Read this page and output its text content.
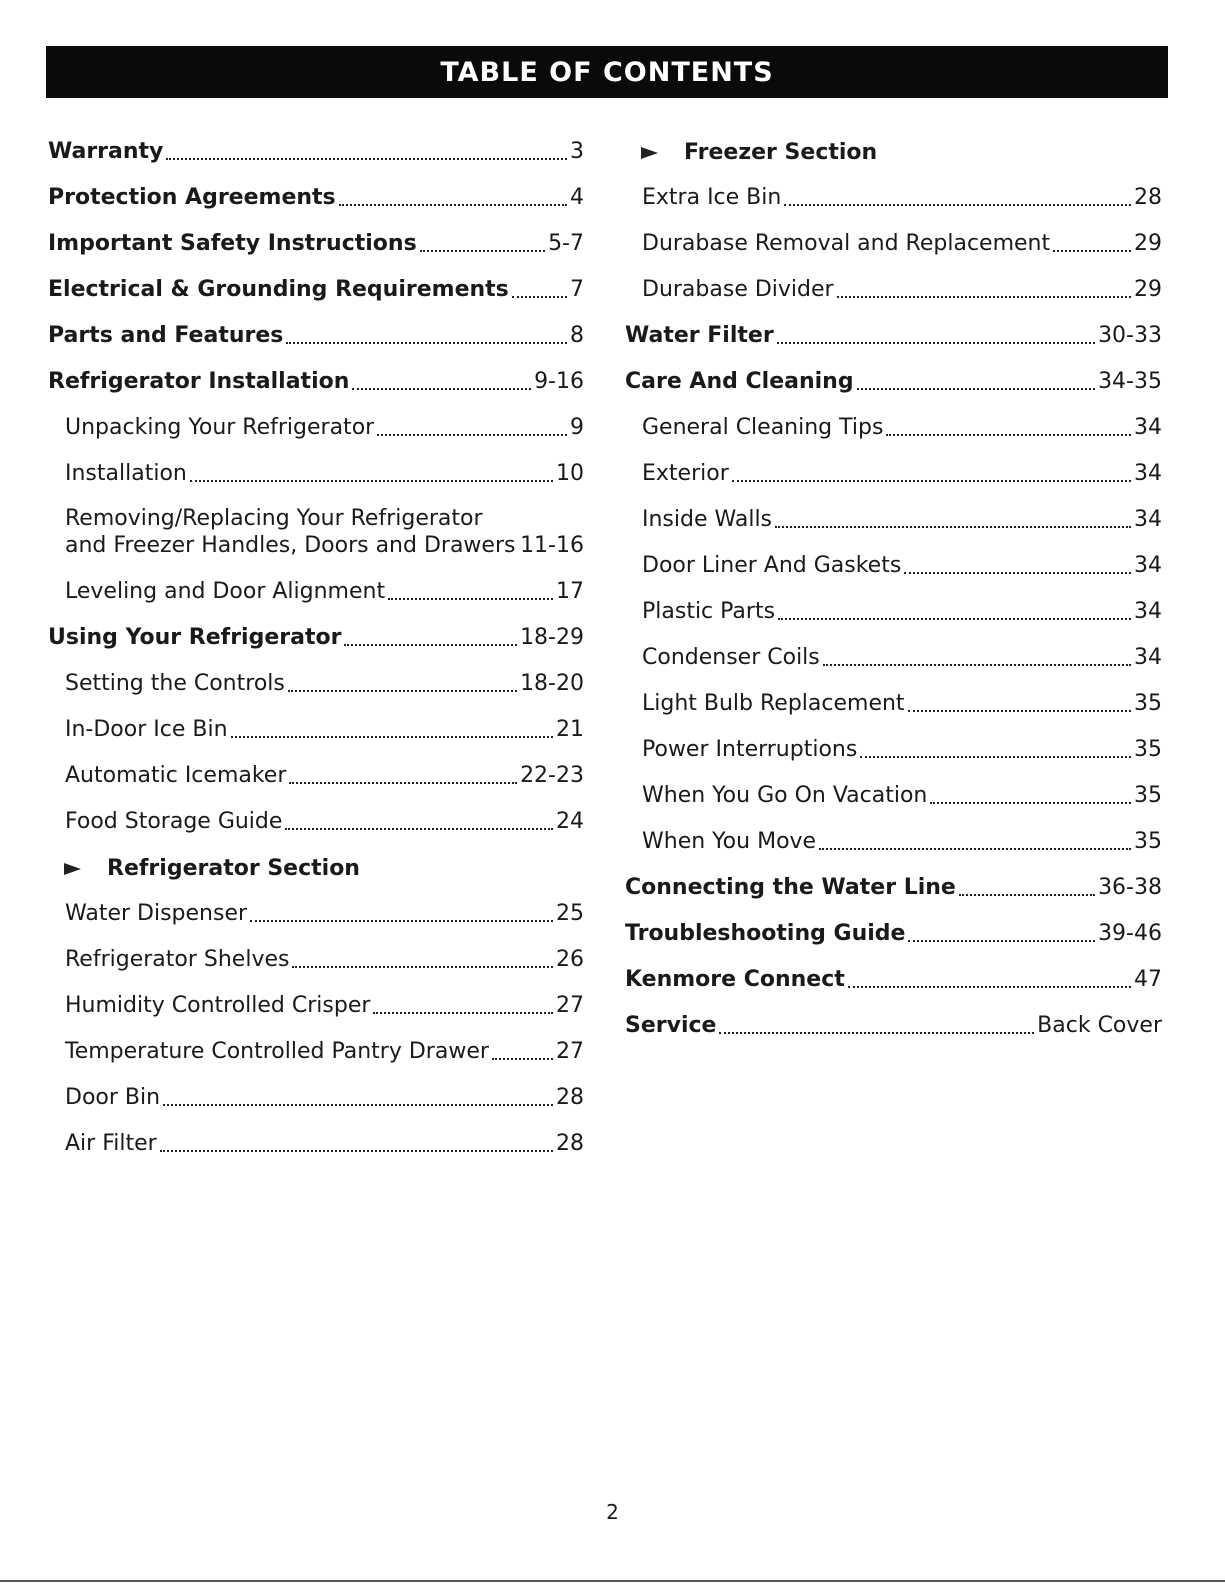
TABLE OF CONTENTS
Warranty	3
Protection Agreements	4
Important Safety Instructions	5-7
Electrical & Grounding Requirements	7
Parts and Features	8
Refrigerator Installation	9-16
Unpacking Your Refrigerator	9
Installation	10
Removing/Replacing Your Refrigerator and Freezer Handles, Doors and Drawers 11-16
Leveling and Door Alignment	17
Using Your Refrigerator	18-29
Setting the Controls	18-20
In-Door Ice Bin	21
Automatic Icemaker	22-23
Food Storage Guide	24
Refrigerator Section
Water Dispenser	25
Refrigerator Shelves	26
Humidity Controlled Crisper	27
Temperature Controlled Pantry Drawer	27
Door Bin	28
Air Filter	28
Freezer Section
Extra Ice Bin	28
Durabase Removal and Replacement	29
Durabase Divider	29
Water Filter	30-33
Care And Cleaning	34-35
General Cleaning Tips	34
Exterior	34
Inside Walls	34
Door Liner And Gaskets	34
Plastic Parts	34
Condenser Coils	34
Light Bulb Replacement	35
Power Interruptions	35
When You Go On Vacation	35
When You Move	35
Connecting the Water Line	36-38
Troubleshooting Guide	39-46
Kenmore Connect	47
Service	Back Cover
2
